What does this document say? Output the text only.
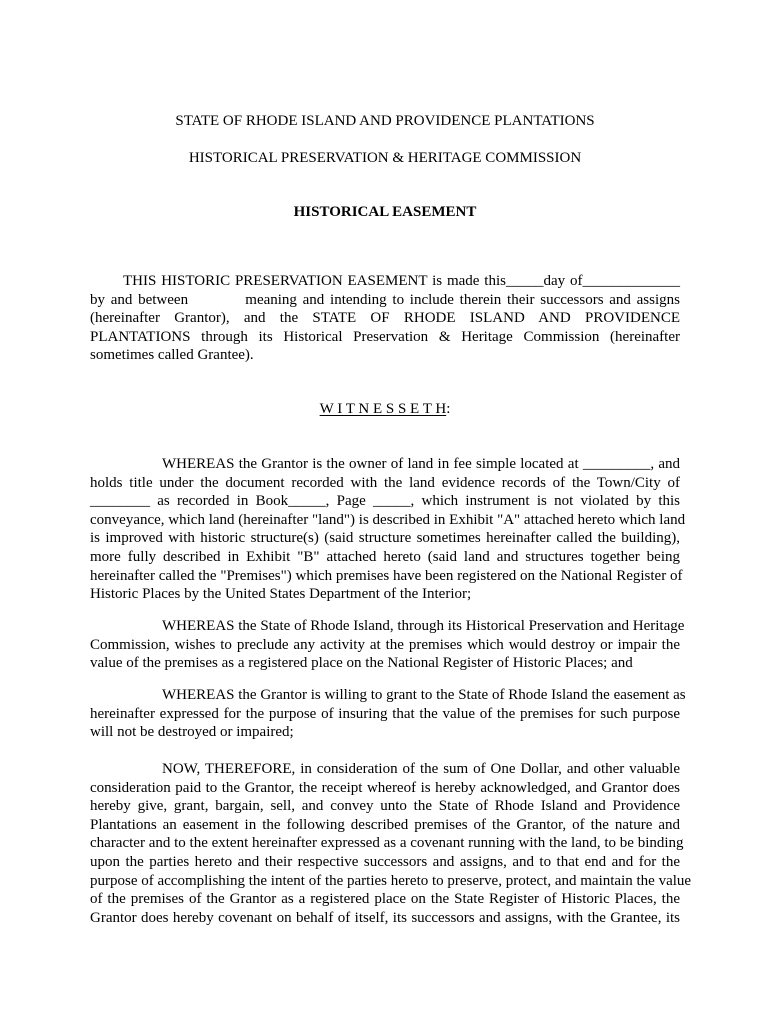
STATE OF RHODE ISLAND AND PROVIDENCE PLANTATIONS
HISTORICAL PRESERVATION & HERITAGE COMMISSION
HISTORICAL EASEMENT
THIS HISTORIC PRESERVATION EASEMENT is made this_____day of_____________
by and between          meaning and intending to include therein their successors and assigns
(hereinafter Grantor), and the STATE OF RHODE ISLAND AND PROVIDENCE
PLANTATIONS through its Historical Preservation & Heritage Commission (hereinafter
sometimes called Grantee).
W I T N E S S E T H:
WHEREAS the Grantor is the owner of land in fee simple located at _________, and
holds title under the document recorded with the land evidence records of the Town/City of
________ as recorded in Book_____, Page _____, which instrument is not violated by this
conveyance, which land (hereinafter "land") is described in Exhibit "A" attached hereto which land
is improved with historic structure(s) (said structure sometimes hereinafter called the building),
more fully described in Exhibit "B" attached hereto (said land and structures together being
hereinafter called the "Premises") which premises have been registered on the National Register of
Historic Places by the United States Department of the Interior;
WHEREAS the State of Rhode Island, through its Historical Preservation and Heritage
Commission, wishes to preclude any activity at the premises which would destroy or impair the
value of the premises as a registered place on the National Register of Historic Places; and
WHEREAS the Grantor is willing to grant to the State of Rhode Island the easement as
hereinafter expressed for the purpose of insuring that the value of the premises for such purpose
will not be destroyed or impaired;
NOW, THEREFORE, in consideration of the sum of One Dollar, and other valuable
consideration paid to the Grantor, the receipt whereof is hereby acknowledged, and Grantor does
hereby give, grant, bargain, sell, and convey unto the State of Rhode Island and Providence
Plantations an easement in the following described premises of the Grantor, of the nature and
character and to the extent hereinafter expressed as a covenant running with the land, to be binding
upon the parties hereto and their respective successors and assigns, and to that end and for the
purpose of accomplishing the intent of the parties hereto to preserve, protect, and maintain the value
of the premises of the Grantor as a registered place on the State Register of Historic Places, the
Grantor does hereby covenant on behalf of itself, its successors and assigns, with the Grantee, its
